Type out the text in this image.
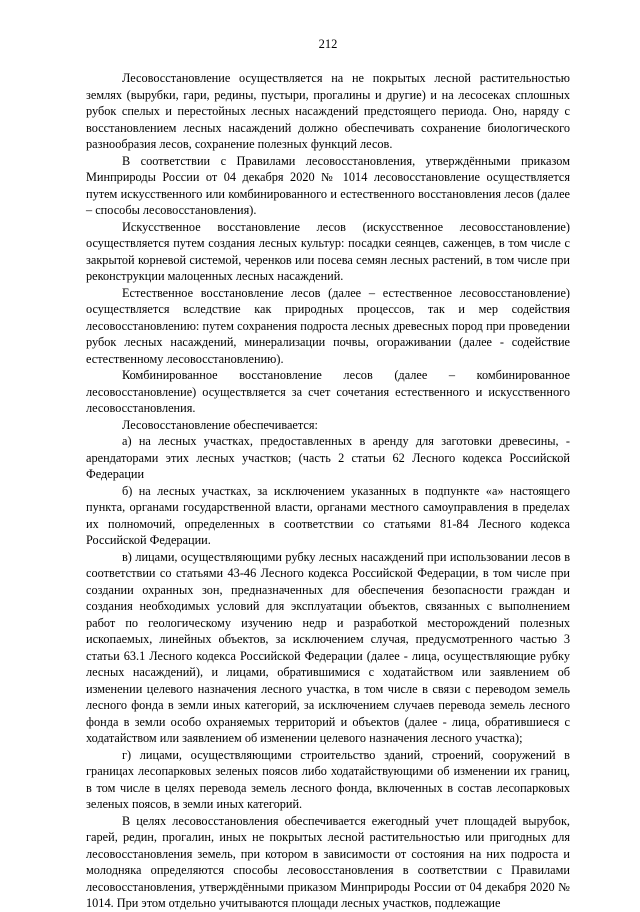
212

Лесовосстановление осуществляется на не покрытых лесной растительностью землях (вырубки, гари, редины, пустыри, прогалины и другие) и на лесосеках сплошных рубок спелых и перестойных лесных насаждений предстоящего периода. Оно, наряду с восстановлением лесных насаждений должно обеспечивать сохранение биологического разнообразия лесов, сохранение полезных функций лесов.

В соответствии с Правилами лесовосстановления, утверждёнными приказом Минприроды России от 04 декабря 2020 № 1014 лесовосстановление осуществляется путем искусственного или комбинированного и естественного восстановления лесов (далее – способы лесовосстановления).

Искусственное восстановление лесов (искусственное лесовосстановление) осуществляется путем создания лесных культур: посадки сеянцев, саженцев, в том числе с закрытой корневой системой, черенков или посева семян лесных растений, в том числе при реконструкции малоценных лесных насаждений.

Естественное восстановление лесов (далее – естественное лесовосстановление) осуществляется вследствие как природных процессов, так и мер содействия лесовосстановлению: путем сохранения подроста лесных древесных пород при проведении рубок лесных насаждений, минерализации почвы, огораживании (далее - содействие естественному лесовосстановлению).

Комбинированное восстановление лесов (далее – комбинированное лесовосстановление) осуществляется за счет сочетания естественного и искусственного лесовосстановления.

Лесовосстановление обеспечивается:

а) на лесных участках, предоставленных в аренду для заготовки древесины, - арендаторами этих лесных участков; (часть 2 статьи 62 Лесного кодекса Российской Федерации

б) на лесных участках, за исключением указанных в подпункте «а» настоящего пункта, органами государственной власти, органами местного самоуправления в пределах их полномочий, определенных в соответствии со статьями 81-84 Лесного кодекса Российской Федерации.

в) лицами, осуществляющими рубку лесных насаждений при использовании лесов в соответствии со статьями 43-46 Лесного кодекса Российской Федерации, в том числе при создании охранных зон, предназначенных для обеспечения безопасности граждан и создания необходимых условий для эксплуатации объектов, связанных с выполнением работ по геологическому изучению недр и разработкой месторождений полезных ископаемых, линейных объектов, за исключением случая, предусмотренного частью 3 статьи 63.1 Лесного кодекса Российской Федерации (далее - лица, осуществляющие рубку лесных насаждений), и лицами, обратившимися с ходатайством или заявлением об изменении целевого назначения лесного участка, в том числе в связи с переводом земель лесного фонда в земли иных категорий, за исключением случаев перевода земель лесного фонда в земли особо охраняемых территорий и объектов (далее - лица, обратившиеся с ходатайством или заявлением об изменении целевого назначения лесного участка);

г) лицами, осуществляющими строительство зданий, строений, сооружений в границах лесопарковых зеленых поясов либо ходатайствующими об изменении их границ, в том числе в целях перевода земель лесного фонда, включенных в состав лесопарковых зеленых поясов, в земли иных категорий.

В целях лесовосстановления обеспечивается ежегодный учет площадей вырубок, гарей, редин, прогалин, иных не покрытых лесной растительностью или пригодных для лесовосстановления земель, при котором в зависимости от состояния на них подроста и молодняка определяются способы лесовосстановления в соответствии с Правилами лесовосстановления, утверждёнными приказом Минприроды России от 04 декабря 2020 № 1014. При этом отдельно учитываются площади лесных участков, подлежащие
